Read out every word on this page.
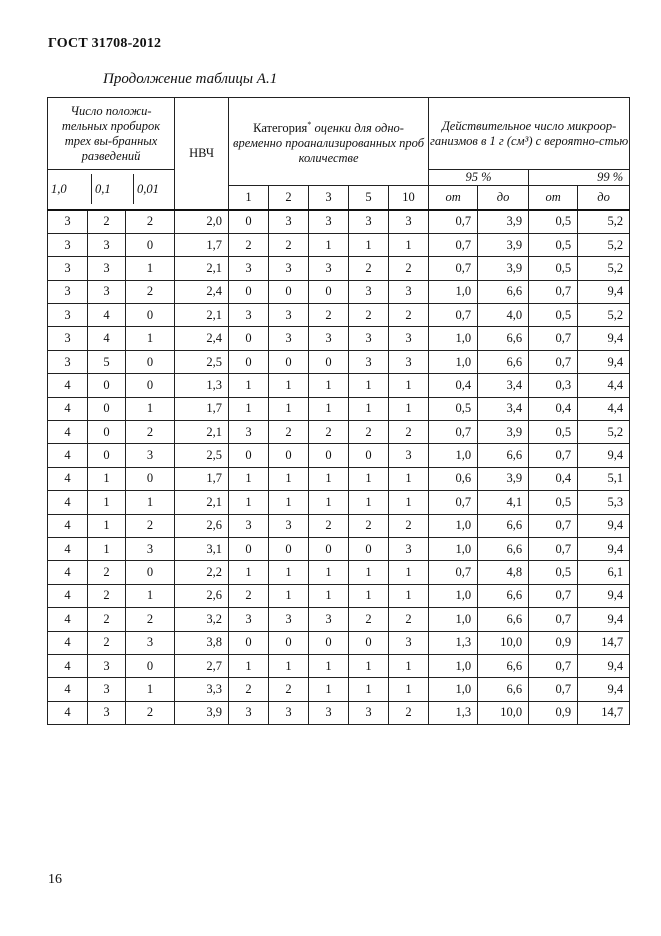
ГОСТ 31708-2012
Продолжение таблицы А.1
Число положи-тельных пробирок трех вы-бранных разведений	НВЧ	Категория* оценки для одно-временно проанализированных проб количестве	Действительное число микроор-ганизмов в 1 г (см³) с вероятно-стью

1,0	0,1	0,01
	95 %	99 %
1	2	3	5	10	от	до	от	до
3	2	2	2,0	0	3	3	3	3	0,7	3,9	0,5	5,2
3	3	0	1,7	2	2	1	1	1	0,7	3,9	0,5	5,2
3	3	1	2,1	3	3	3	2	2	0,7	3,9	0,5	5,2
3	3	2	2,4	0	0	0	3	3	1,0	6,6	0,7	9,4
3	4	0	2,1	3	3	2	2	2	0,7	4,0	0,5	5,2
3	4	1	2,4	0	3	3	3	3	1,0	6,6	0,7	9,4
3	5	0	2,5	0	0	0	3	3	1,0	6,6	0,7	9,4
4	0	0	1,3	1	1	1	1	1	0,4	3,4	0,3	4,4
4	0	1	1,7	1	1	1	1	1	0,5	3,4	0,4	4,4
4	0	2	2,1	3	2	2	2	2	0,7	3,9	0,5	5,2
4	0	3	2,5	0	0	0	0	3	1,0	6,6	0,7	9,4
4	1	0	1,7	1	1	1	1	1	0,6	3,9	0,4	5,1
4	1	1	2,1	1	1	1	1	1	0,7	4,1	0,5	5,3
4	1	2	2,6	3	3	2	2	2	1,0	6,6	0,7	9,4
4	1	3	3,1	0	0	0	0	3	1,0	6,6	0,7	9,4
4	2	0	2,2	1	1	1	1	1	0,7	4,8	0,5	6,1
4	2	1	2,6	2	1	1	1	1	1,0	6,6	0,7	9,4
4	2	2	3,2	3	3	3	2	2	1,0	6,6	0,7	9,4
4	2	3	3,8	0	0	0	0	3	1,3	10,0	0,9	14,7
4	3	0	2,7	1	1	1	1	1	1,0	6,6	0,7	9,4
4	3	1	3,3	2	2	1	1	1	1,0	6,6	0,7	9,4
4	3	2	3,9	3	3	3	3	2	1,3	10,0	0,9	14,7
16
